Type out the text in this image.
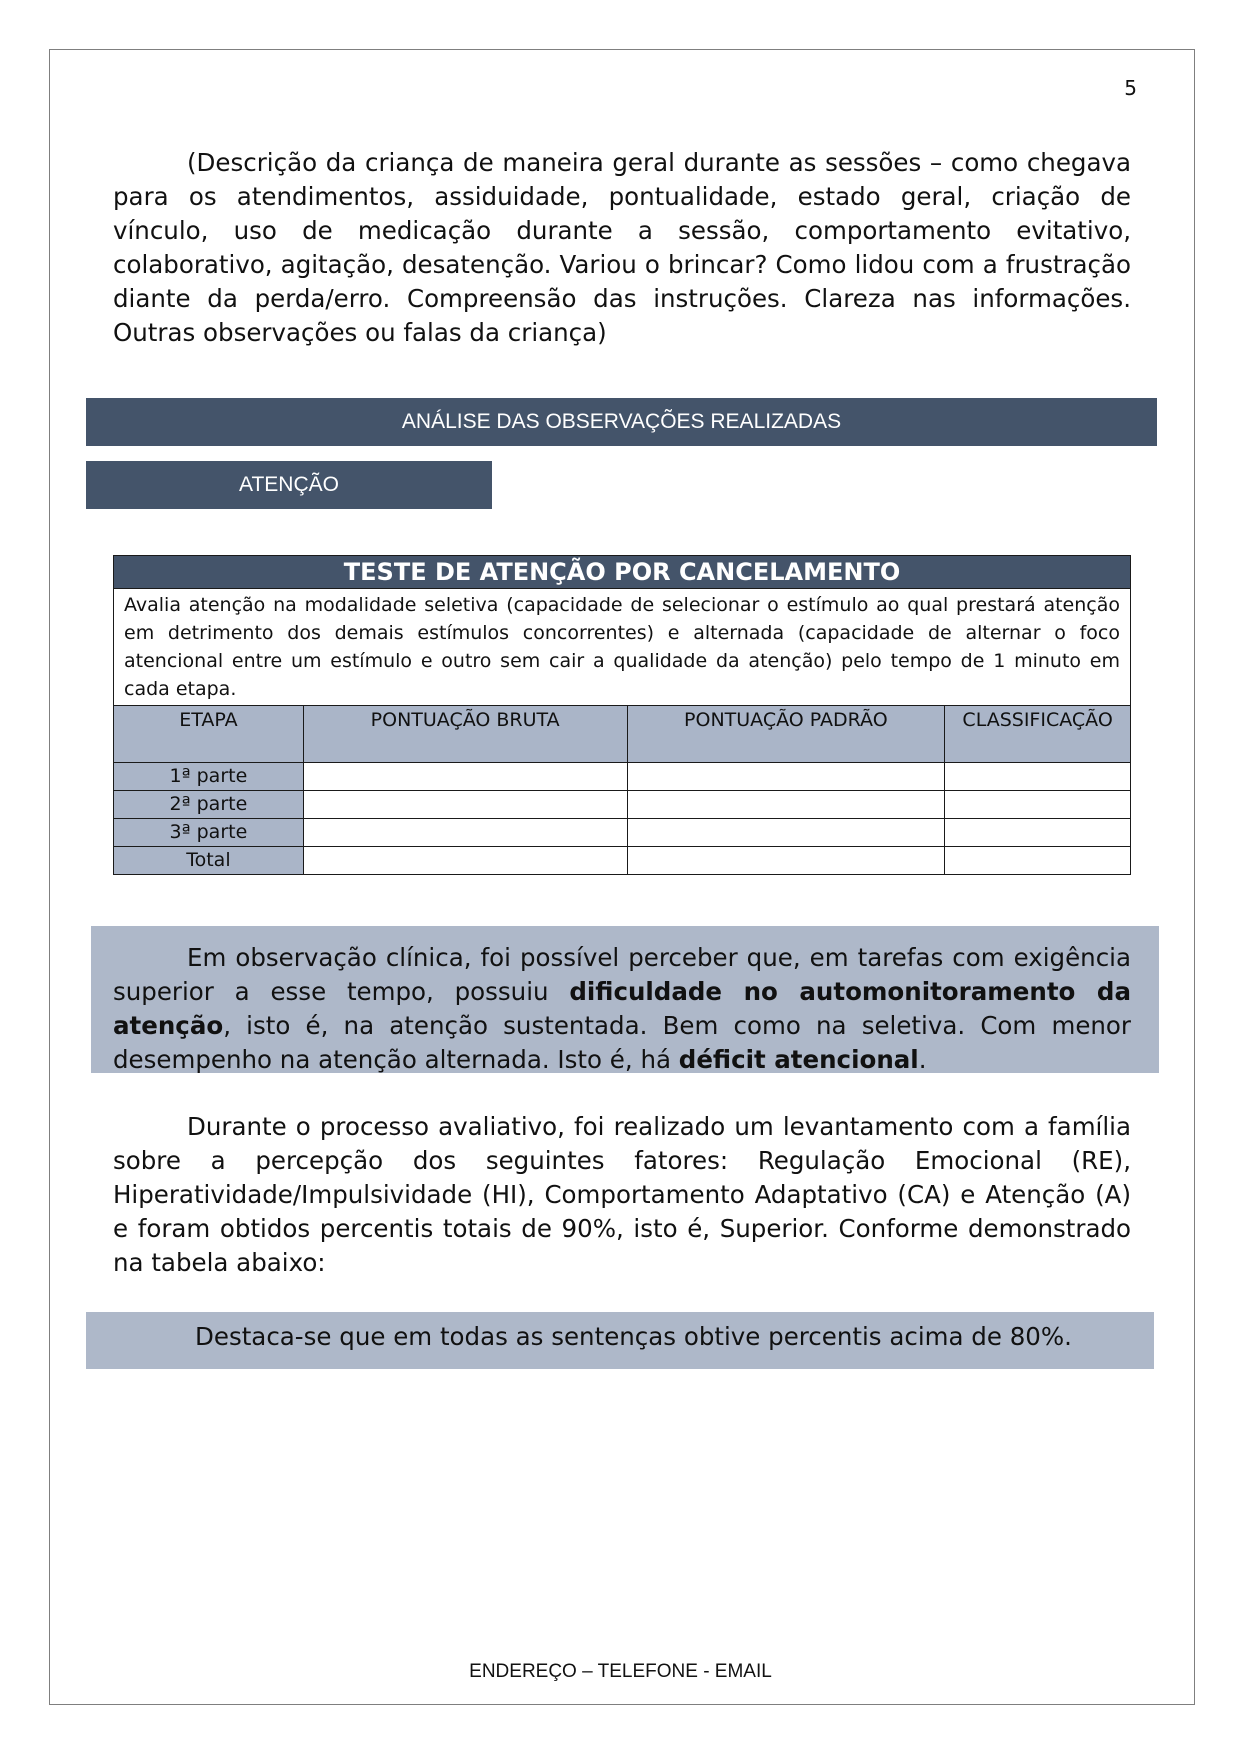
5

(Descrição da criança de maneira geral durante as sessões – como chegava para os atendimentos, assiduidade, pontualidade, estado geral, criação de vínculo, uso de medicação durante a sessão, comportamento evitativo, colaborativo, agitação, desatenção. Variou o brincar? Como lidou com a frustração diante da perda/erro. Compreensão das instruções. Clareza nas informações. Outras observações ou falas da criança)

ANÁLISE DAS OBSERVAÇÕES REALIZADAS
ATENÇÃO
TESTE DE ATENÇÃO POR CANCELAMENTO			
Avalia atenção na modalidade seletiva (capacidade de selecionar o estímulo ao qual prestará atenção em detrimento dos demais estímulos concorrentes) e alternada (capacidade de alternar o foco atencional entre um estímulo e outro sem cair a qualidade da atenção) pelo tempo de 1 minuto em cada etapa.			
ETAPA	PONTUAÇÃO BRUTA	PONTUAÇÃO PADRÃO	CLASSIFICAÇÃO
1ª parte			
2ª parte			
3ª parte			
Total			

Em observação clínica, foi possível perceber que, em tarefas com exigência superior a esse tempo, possuiu dificuldade no automonitoramento da atenção, isto é, na atenção sustentada. Bem como na seletiva. Com menor desempenho na atenção alternada. Isto é, há déficit atencional.

Durante o processo avaliativo, foi realizado um levantamento com a família sobre a percepção dos seguintes fatores: Regulação Emocional (RE), Hiperatividade/Impulsividade (HI), Comportamento Adaptativo (CA) e Atenção (A) e foram obtidos percentis totais de 90%, isto é, Superior. Conforme demonstrado na tabela abaixo:

Destaca-se que em todas as sentenças obtive percentis acima de 80%.

ENDEREÇO – TELEFONE - EMAIL
